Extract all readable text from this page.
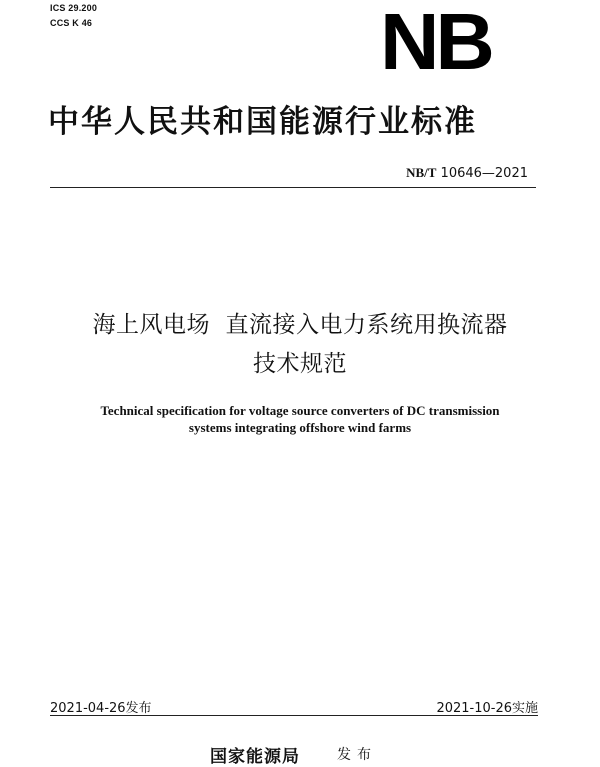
ICS 29.200
CCS K 46	NB
中华人民共和国能源行业标准
NB/T 10646—2021
海上风电场  直流接入电力系统用换流器
技术规范
Technical specification for voltage source converters of DC transmission
systems integrating offshore wind farms
2021-04-26发布	2021-10-26实施
国家能源局	发布
